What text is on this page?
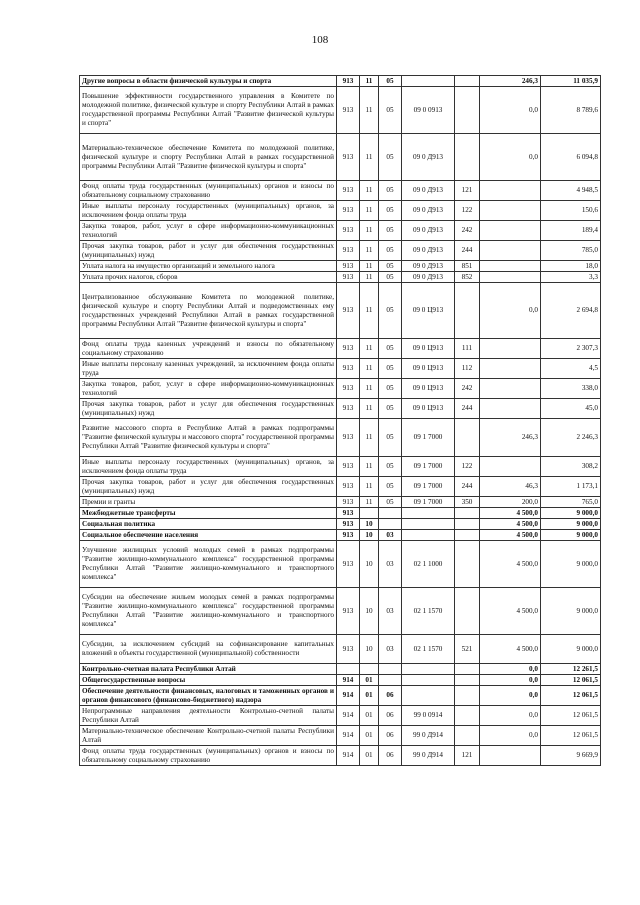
108
Другие вопросы в области физической культуры и спорта	913	11	05			246,3	11 035,9
Повышение эффективности государственного управления в Комитете по молодежной политике, физической культуре и спорту Республики Алтай в рамках государственной программы Республики Алтай "Развитие физической культуры и спорта"	913	11	05	09 0 0913		0,0	8 789,6
Материально-техническое обеспечение Комитета по молодежной политике, физической культуре и спорту Республики Алтай в рамках государственной программы Республики Алтай "Развитие физической культуры и спорта"	913	11	05	09 0 Д913		0,0	6 094,8
Фонд оплаты труда государственных (муниципальных) органов и взносы по обязательному социальному страхованию	913	11	05	09 0 Д913	121		4 948,5
Иные выплаты персоналу государственных (муниципальных) органов, за исключением фонда оплаты труда	913	11	05	09 0 Д913	122		150,6
Закупка товаров, работ, услуг в сфере информационно-коммуникационных технологий	913	11	05	09 0 Д913	242		189,4
Прочая закупка товаров, работ и услуг для обеспечения государственных (муниципальных) нужд	913	11	05	09 0 Д913	244		785,0
Уплата налога на имущество организаций и земельного налога	913	11	05	09 0 Д913	851		18,0
Уплата прочих налогов, сборов	913	11	05	09 0 Д913	852		3,3
Централизованное обслуживание Комитета по молодежной политике, физической культуре и спорту Республики Алтай и подведомственных ему государственных учреждений Республики Алтай в рамках государственной программы Республики Алтай "Развитие физической культуры и спорта"	913	11	05	09 0 Ц913		0,0	2 694,8
Фонд оплаты труда казенных учреждений и взносы по обязательному социальному страхованию	913	11	05	09 0 Ц913	111		2 307,3
Иные выплаты персоналу казенных учреждений, за исключением фонда оплаты труда	913	11	05	09 0 Ц913	112		4,5
Закупка товаров, работ, услуг в сфере информационно-коммуникационных технологий	913	11	05	09 0 Ц913	242		338,0
Прочая закупка товаров, работ и услуг для обеспечения государственных (муниципальных) нужд	913	11	05	09 0 Ц913	244		45,0
Развитие массового спорта в Республике Алтай в рамках подпрограммы "Развитие физической культуры и массового спорта" государственной программы Республики Алтай "Развитие физической культуры и спорта"	913	11	05	09 1 7000		246,3	2 246,3
Иные выплаты персоналу государственных (муниципальных) органов, за исключением фонда оплаты труда	913	11	05	09 1 7000	122		308,2
Прочая закупка товаров, работ и услуг для обеспечения государственных (муниципальных) нужд	913	11	05	09 1 7000	244	46,3	1 173,1
Премии и гранты	913	11	05	09 1 7000	350	200,0	765,0
Межбюджетные трансферты	913					4 500,0	9 000,0
Социальная политика	913	10				4 500,0	9 000,0
Социальное обеспечение населения	913	10	03			4 500,0	9 000,0
Улучшение жилищных условий молодых семей в рамках подпрограммы "Развитие жилищно-коммунального комплекса" государственной программы Республики Алтай "Развитие жилищно-коммунального и транспортного комплекса"	913	10	03	02 1 1000		4 500,0	9 000,0
Субсидии на обеспечение жильем молодых семей в рамках подпрограммы "Развитие жилищно-коммунального комплекса" государственной программы Республики Алтай "Развитие жилищно-коммунального и транспортного комплекса"	913	10	03	02 1 1570		4 500,0	9 000,0
Субсидии, за исключением субсидий на софинансирование капитальных вложений в объекты государственной (муниципальной) собственности	913	10	03	02 1 1570	521	4 500,0	9 000,0
Контрольно-счетная палата Республики Алтай						0,0	12 261,5
Общегосударственные вопросы	914	01				0,0	12 061,5
Обеспечение деятельности финансовых, налоговых и таможенных органов и органов финансового (финансово-бюджетного) надзора	914	01	06			0,0	12 061,5
Непрограммные направления деятельности Контрольно-счетной палаты Республики Алтай	914	01	06	99 0 0914		0,0	12 061,5
Материально-техническое обеспечение Контрольно-счетной палаты Республики Алтай	914	01	06	99 0 Д914		0,0	12 061,5
Фонд оплаты труда государственных (муниципальных) органов и взносы по обязательному социальному страхованию	914	01	06	99 0 Д914	121		9 669,9
